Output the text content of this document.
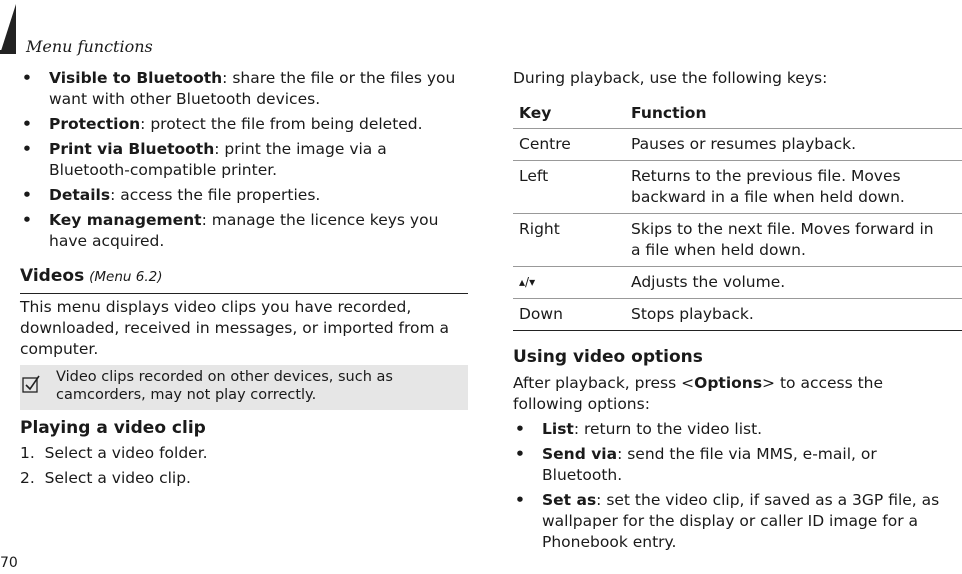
Menu functions
• Visible to Bluetooth: share the file or the files you want with other Bluetooth devices.
• Protection: protect the file from being deleted.
• Print via Bluetooth: print the image via a Bluetooth-compatible printer.
• Details: access the file properties.
• Key management: manage the licence keys you have acquired.
Videos (Menu 6.2)
This menu displays video clips you have recorded, downloaded, received in messages, or imported from a computer.
Video clips recorded on other devices, such as camcorders, may not play correctly.
Playing a video clip
1.  Select a video folder.
2.  Select a video clip.
During playback, use the following keys:
Key	Function
Centre	Pauses or resumes playback.
Left	Returns to the previous file. Moves backward in a file when held down.
Right	Skips to the next file. Moves forward in a file when held down.
▴/▾	Adjusts the volume.
Down	Stops playback.
Using video options
After playback, press <Options> to access the following options:
• List: return to the video list.
• Send via: send the file via MMS, e-mail, or Bluetooth.
• Set as: set the video clip, if saved as a 3GP file, as wallpaper for the display or caller ID image for a Phonebook entry.
70
